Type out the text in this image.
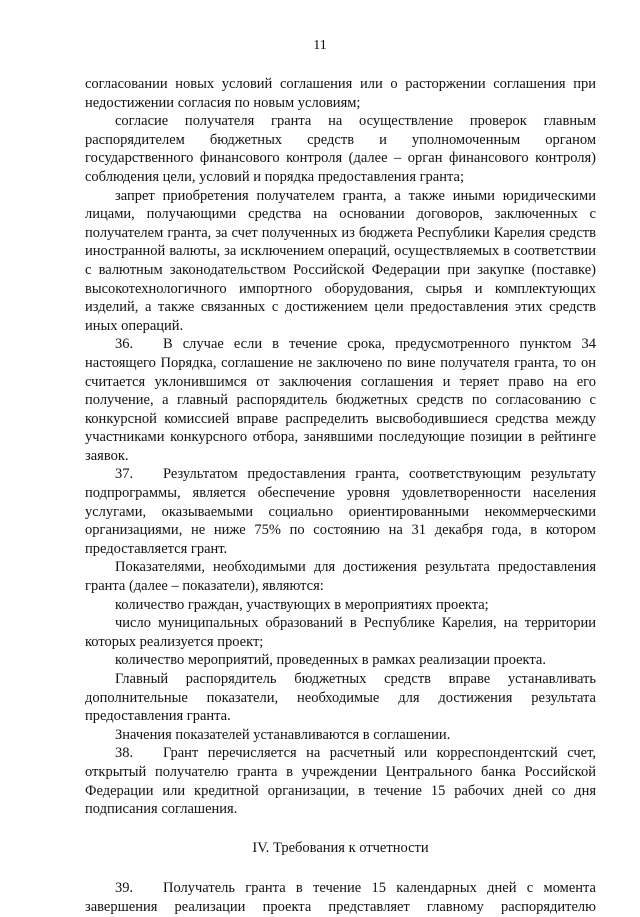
11

согласовании новых условий соглашения или о расторжении соглашения при недостижении согласия по новым условиям;

согласие получателя гранта на осуществление проверок главным распорядителем бюджетных средств и уполномоченным органом государственного финансового контроля (далее – орган финансового контроля) соблюдения цели, условий и порядка предоставления гранта;

запрет приобретения получателем гранта, а также иными юридическими лицами, получающими средства на основании договоров, заключенных с получателем гранта, за счет полученных из бюджета Республики Карелия средств иностранной валюты, за исключением операций, осуществляемых в соответствии с валютным законодательством Российской Федерации при закупке (поставке) высокотехнологичного импортного оборудования, сырья и комплектующих изделий, а также связанных с достижением цели предоставления этих средств иных операций.

36. В случае если в течение срока, предусмотренного пунктом 34 настоящего Порядка, соглашение не заключено по вине получателя гранта, то он считается уклонившимся от заключения соглашения и теряет право на его получение, а главный распорядитель бюджетных средств по согласованию с конкурсной комиссией вправе распределить высвободившиеся средства между участниками конкурсного отбора, занявшими последующие позиции в рейтинге заявок.

37. Результатом предоставления гранта, соответствующим результату подпрограммы, является обеспечение уровня удовлетворенности населения услугами, оказываемыми социально ориентированными некоммерческими организациями, не ниже 75% по состоянию на 31 декабря года, в котором предоставляется грант.

Показателями, необходимыми для достижения результата предоставления гранта (далее – показатели), являются:

количество граждан, участвующих в мероприятиях проекта;

число муниципальных образований в Республике Карелия, на территории которых реализуется проект;

количество мероприятий, проведенных в рамках реализации проекта.

Главный распорядитель бюджетных средств вправе устанавливать дополнительные показатели, необходимые для достижения результата предоставления гранта.

Значения показателей устанавливаются в соглашении.

38. Грант перечисляется на расчетный или корреспондентский счет, открытый получателю гранта в учреждении Центрального банка Российской Федерации или кредитной организации, в течение 15 рабочих дней со дня подписания соглашения.

IV. Требования к отчетности

39. Получатель гранта в течение 15 календарных дней с момента завершения реализации проекта представляет главному распорядителю
